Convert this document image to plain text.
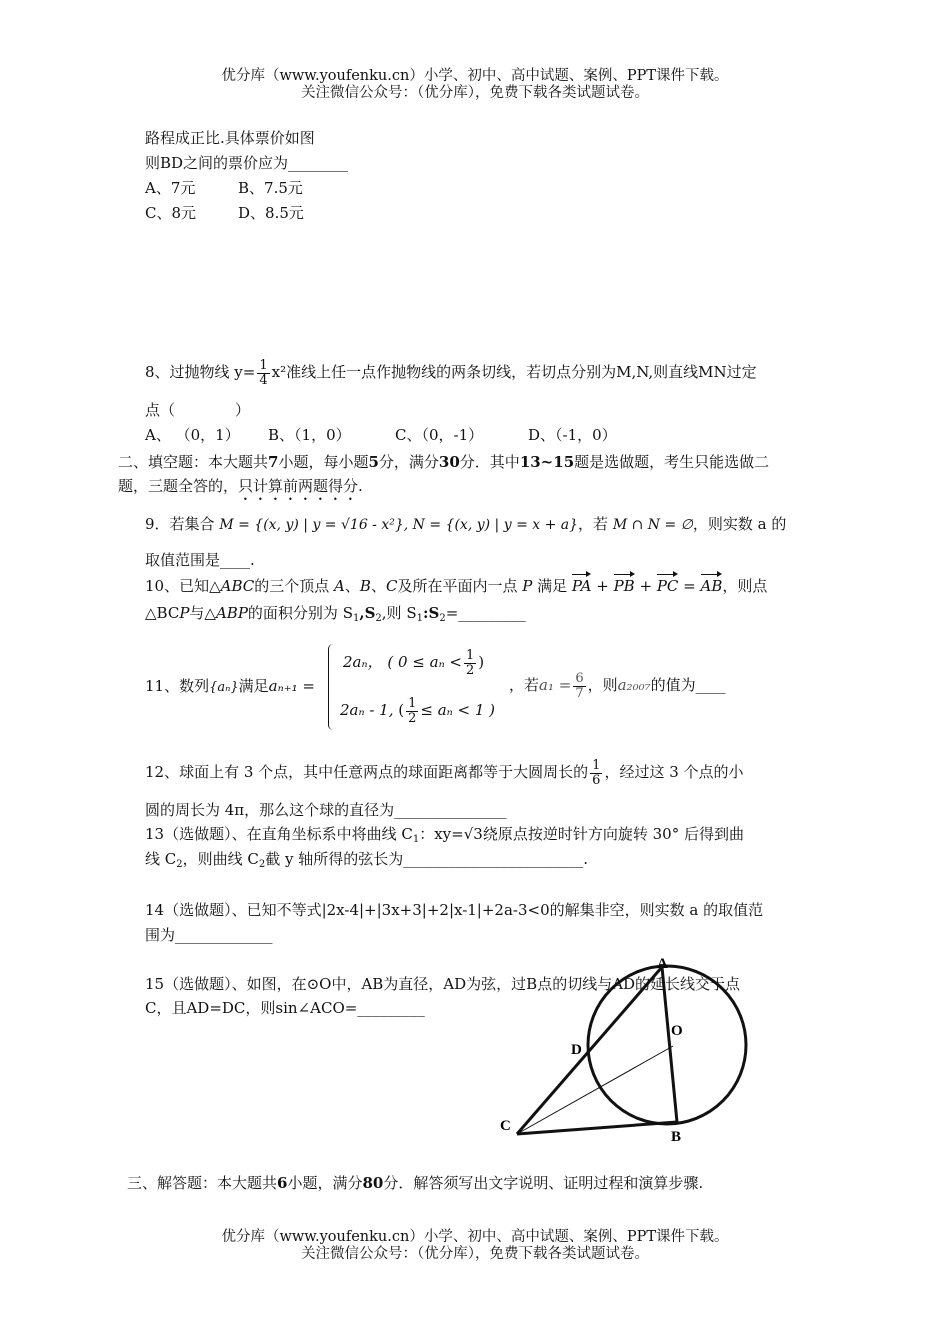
优分库（www.youfenku.cn）小学、初中、高中试题、案例、PPT课件下载。
关注微信公众号：（优分库），免费下载各类试题试卷。
路程成正比.具体票价如图
则BD之间的票价应为________
A、7元	B、7.5元
C、8元	D、8.5元
8、过抛物线 $y= \frac{1}{4} x^2$准线上任一点作抛物线的两条切线，若切点分别为M,N,则直线MN过定
点（　　　　）
A、 （0，1） B、（1，0）	C、（0，-1）	D、（-1，0）
二、填空题：本大题共7小题，每小题5分，满分30分．其中13~15题是选做题，考生只能选做二
题，三题全答的，只计算前两题得分.
9．若集合 M = {(x, y) | y = √16 - x²}, N = {(x, y) | y = x + a}，若 M ∩ N = ∅，则实数 a 的
取值范围是____.
10、已知△ABC的三个顶点 A、B、C及所在平面内一点 P 满足 PA + PB + PC = AB，则点
△BCP与△ABP的面积分别为 $S_1,S_2$,则 $S_1:S_2=\_\_\_\_\_\_\_\_\_$
11、数列{aₙ}满足aₙ₊₁ =
2aₙ， ( $0 \le a_n < \frac{1}{2}$ )
2aₙ - 1, ( $\frac{1}{2} \le a_n < 1$ )
，若$a_1 = \frac{6}{7}$ ，则a₂₀₀₇的值为____
12、球面上有 3 个点，其中任意两点的球面距离都等于大圆周长的 $\frac{1}{6}$ ，经过这 3 个点的小
圆的周长为 4π，那么这个球的直径为_______________
13（选做题）、在直角坐标系中将曲线 $C_1$：xy=√3绕原点按逆时针方向旋转 30° 后得到曲
线 $C_2$，则曲线 $C_2$截 y 轴所得的弦长为________________________.
14（选做题）、已知不等式|2x-4|+|3x+3|+2|x-1|+2a-3<0的解集非空，则实数 a 的取值范
围为_____________
A
O
D
C
B
15（选做题）、如图，在⊙O中，AB为直径，AD为弦，过B点的切线与AD的延长线交于点
C，且AD=DC，则sin∠ACO=_________
三、解答题：本大题共6小题，满分80分．解答须写出文字说明、证明过程和演算步骤.
优分库（www.youfenku.cn）小学、初中、高中试题、案例、PPT课件下载。
关注微信公众号：（优分库），免费下载各类试题试卷。
